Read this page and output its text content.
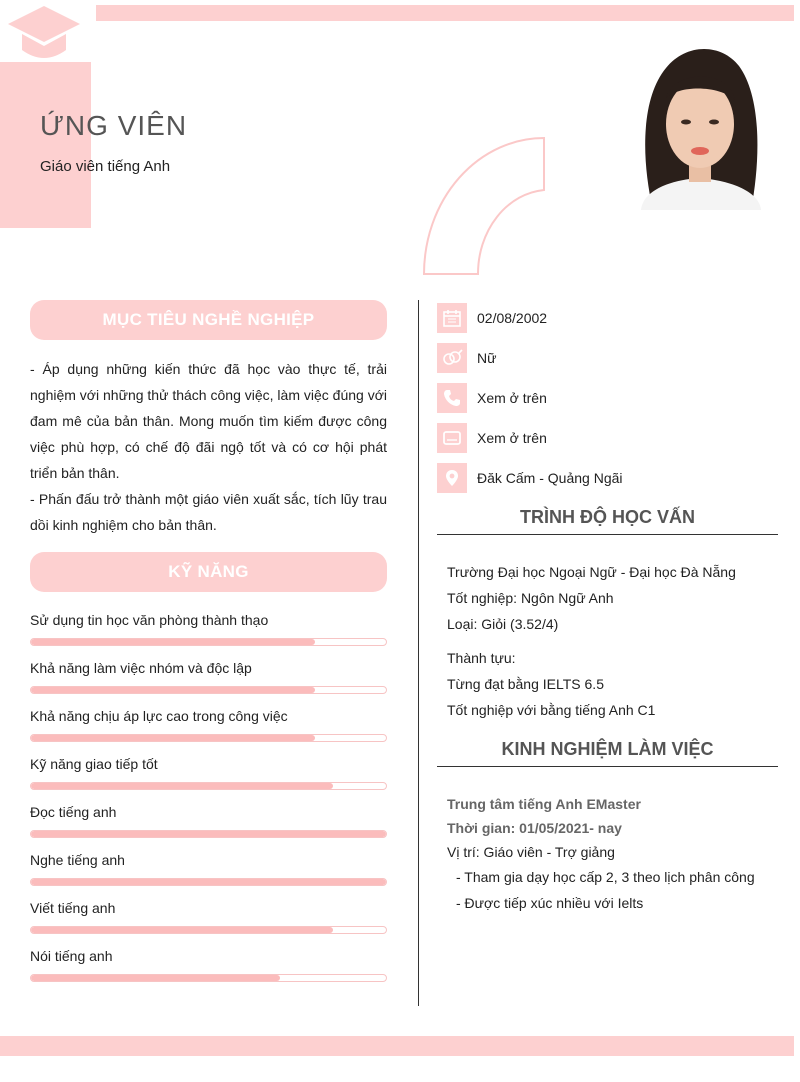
ỨNG VIÊN
Giáo viên tiếng Anh
MỤC TIÊU NGHỀ NGHIỆP

- Áp dụng những kiến thức đã học vào thực tế, trải nghiệm với những thử thách công việc, làm việc đúng với đam mê của bản thân. Mong muốn tìm kiếm được công việc phù hợp, có chế độ đãi ngộ tốt và có cơ hội phát triển bản thân.

- Phấn đấu trở thành một giáo viên xuất sắc, tích lũy trau dồi kinh nghiệm cho bản thân.

KỸ NĂNG
Sử dụng tin học văn phòng thành thạo
Khả năng làm việc nhóm và độc lập
Khả năng chịu áp lực cao trong công việc
Kỹ năng giao tiếp tốt
Đọc tiếng anh
Nghe tiếng anh
Viết tiếng anh
Nói tiếng anh
02/08/2002
Nữ
Xem ở trên
Xem ở trên
Đăk Cấm - Quảng Ngãi
TRÌNH ĐỘ HỌC VẤN

Trường Đại học Ngoại Ngữ - Đại học Đà Nẵng

Tốt nghiệp: Ngôn Ngữ Anh

Loại: Giỏi (3.52/4)

Thành tựu:

Từng đạt bằng IELTS 6.5

Tốt nghiệp với bằng tiếng Anh C1

KINH NGHIỆM LÀM VIỆC

Trung tâm tiếng Anh EMaster

Thời gian: 01/05/2021- nay

Vị trí: Giáo viên - Trợ giảng

- Tham gia dạy học cấp 2, 3 theo lịch phân công

- Được tiếp xúc nhiều với Ielts
